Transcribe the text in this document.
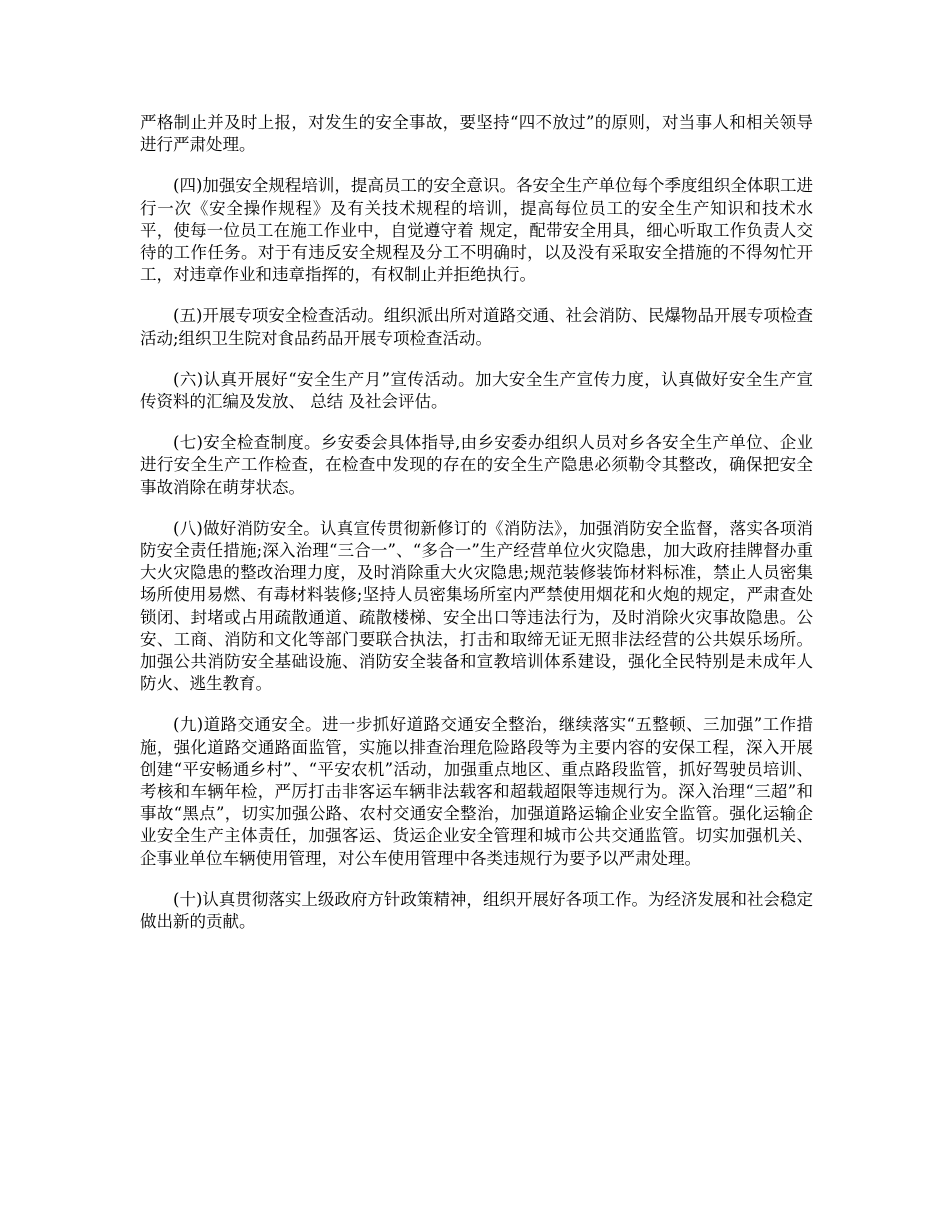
严格制止并及时上报，对发生的安全事故，要坚持“四不放过”的原则，对当事人和相关领导进行严肃处理。

(四)加强安全规程培训，提高员工的安全意识。各安全生产单位每个季度组织全体职工进行一次《安全操作规程》及有关技术规程的培训，提高每位员工的安全生产知识和技术水平，使每一位员工在施工作业中，自觉遵守着 规定，配带安全用具，细心听取工作负责人交待的工作任务。对于有违反安全规程及分工不明确时，以及没有采取安全措施的不得匆忙开工，对违章作业和违章指挥的，有权制止并拒绝执行。

(五)开展专项安全检查活动。组织派出所对道路交通、社会消防、民爆物品开展专项检查活动;组织卫生院对食品药品开展专项检查活动。

(六)认真开展好“安全生产月”宣传活动。加大安全生产宣传力度，认真做好安全生产宣传资料的汇编及发放、 总结 及社会评估。

(七)安全检查制度。乡安委会具体指导,由乡安委办组织人员对乡各安全生产单位、企业进行安全生产工作检查，在检查中发现的存在的安全生产隐患必须勒令其整改，确保把安全事故消除在萌芽状态。

(八)做好消防安全。认真宣传贯彻新修订的《消防法》，加强消防安全监督，落实各项消防安全责任措施;深入治理“三合一”、“多合一”生产经营单位火灾隐患，加大政府挂牌督办重大火灾隐患的整改治理力度，及时消除重大火灾隐患;规范装修装饰材料标准，禁止人员密集场所使用易燃、有毒材料装修;坚持人员密集场所室内严禁使用烟花和火炮的规定，严肃查处锁闭、封堵或占用疏散通道、疏散楼梯、安全出口等违法行为，及时消除火灾事故隐患。公安、工商、消防和文化等部门要联合执法，打击和取缔无证无照非法经营的公共娱乐场所。加强公共消防安全基础设施、消防安全装备和宣教培训体系建设，强化全民特别是未成年人防火、逃生教育。

(九)道路交通安全。进一步抓好道路交通安全整治，继续落实“五整顿、三加强”工作措施，强化道路交通路面监管，实施以排查治理危险路段等为主要内容的安保工程，深入开展创建“平安畅通乡村”、“平安农机”活动，加强重点地区、重点路段监管，抓好驾驶员培训、考核和车辆年检，严厉打击非客运车辆非法载客和超载超限等违规行为。深入治理“三超”和事故“黑点”，切实加强公路、农村交通安全整治，加强道路运输企业安全监管。强化运输企业安全生产主体责任，加强客运、货运企业安全管理和城市公共交通监管。切实加强机关、企事业单位车辆使用管理，对公车使用管理中各类违规行为要予以严肃处理。

(十)认真贯彻落实上级政府方针政策精神，组织开展好各项工作。为经济发展和社会稳定做出新的贡献。
